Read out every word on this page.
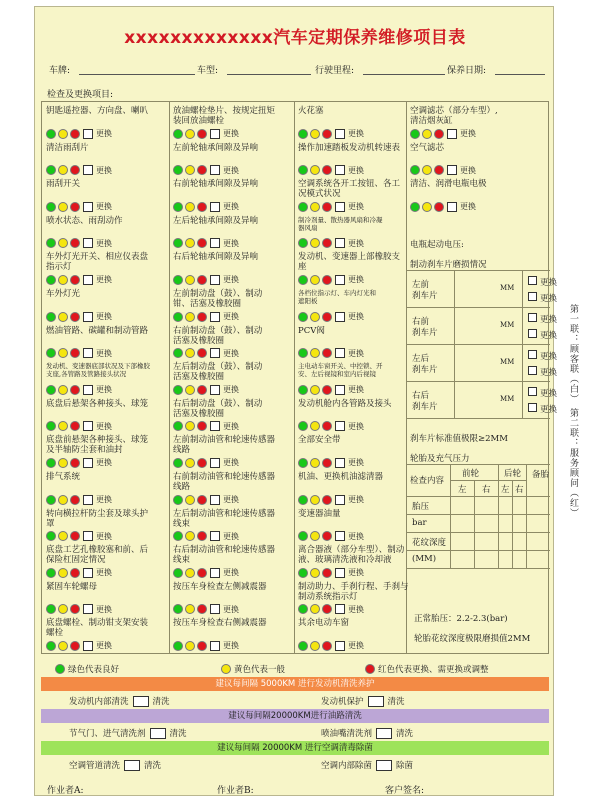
xxxxxxxxxxxxx汽车定期保养维修项目表
车牌:	车型:	行驶里程:	保养日期:
检查及更换项目:
钥匙遥控器、方向盘、喇叭
更换
清洁雨刮片
更换
雨刮开关
更换
喷水状态、雨刮动作
更换
车外灯光开关、相应仪表盘
指示灯
更换
车外灯光
更换
燃油管路、碳罐和制动管路
更换
发动机、变速器底部状况及下部橡胶
支座,各管路及管路接头状况
更换
底盘后悬架各种接头、球笼
更换
底盘前悬架各种接头、球笼
及半轴防尘套和油封
更换
排气系统
更换
转向横拉杆防尘套及球头护
罩
更换
底盘工艺孔橡胶塞和前、后
保险杠固定情况
更换
紧固车轮螺母
更换
底盘螺栓、制动钳支架安装
螺栓
更换
放油螺栓垫片、按规定扭矩
装回放油螺栓
更换
左前轮轴承间隙及异响
更换
右前轮轴承间隙及异响
更换
左后轮轴承间隙及异响
更换
右后轮轴承间隙及异响
更换
左前制动盘（鼓）、制动
钳、活塞及橡胶圈
更换
右前制动盘（鼓）、制动
活塞及橡胶圈
更换
左后制动盘（鼓）、制动
活塞及橡胶圈
更换
右后制动盘（鼓）、制动
活塞及橡胶圈
更换
左前制动油管和轮速传感器
线路
更换
右前制动油管和轮速传感器
线路
更换
左后制动油管和轮速传感器
线束
更换
右后制动油管和轮速传感器
线束
更换
按压车身检查左侧减震器
更换
按压车身检查右侧减震器
更换
火花塞
更换
操作加速踏板发动机转速表
更换
空调系统各开工按钮、各工
况模式状况
更换
制冷剂量、散热器风扇和冷凝
器风扇
更换
发动机、变速器上部橡胶支
座
更换
各档位指示灯、车内灯光和
遮阳板
更换
PCV阀
更换
主电动车窗开关、中控锁、开
安、左后视镜和室内后视镜
更换
发动机舱内各管路及接头
更换
全部安全带
更换
机油、更换机油滤清器
更换
变速器油量
更换
离合器液（部分车型）、制动
液、玻璃清洗液和冷却液
更换
制动助力、手刹行程、手刹与
制动系统指示灯
更换
其余电动车窗
更换
空调滤芯（部分车型）,
清洁烟灰缸
更换
空气滤芯
更换
清洁、润滑电瓶电极
更换
电瓶起动电压:
制动刹车片磨损情况
左前
刹车片
MM	更换
更换
右前
刹车片
MM	更换
更换
左后
刹车片
MM	更换
更换
右后
刹车片
MM	更换
更换
刹车片标准值极限≥2MM
轮胎及充气压力
检查内容
前轮	后轮 备胎
左 右 左 右
胎压
bar
花纹深度
(MM)
正常胎压：2.2-2.3(bar)
轮胎花纹深度极限磨损值2MM
绿色代表良好	黄色代表一般	红色代表更换、需更换或调整
建议每间隔 5000KM 进行发动机清洗养护
发动机内部清洗	清洗	发动机保护	清洗
建议每间隔20000KM进行油路清洗
节气门、进气清洗剂	清洗	喷油嘴清洗剂	清洗
建议每间隔 20000KM 进行空调清毒除菌
空调管道清洗	清洗	空调内部除菌	除菌
作业者A:	作业者B:	客户签名:
第一联：顾客联（白） 第二联：服务顾问（红）
